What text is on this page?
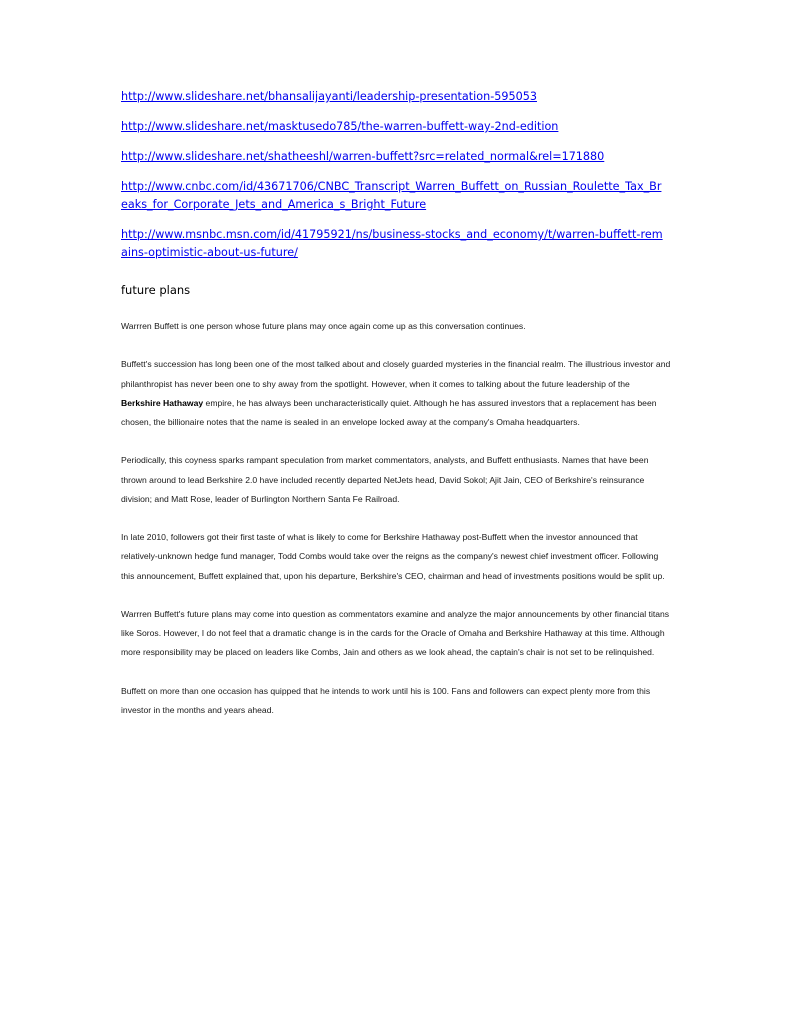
http://www.slideshare.net/bhansalijayanti/leadership-presentation-595053
http://www.slideshare.net/masktusedo785/the-warren-buffett-way-2nd-edition
http://www.slideshare.net/shatheeshl/warren-buffett?src=related_normal&rel=171880
http://www.cnbc.com/id/43671706/CNBC_Transcript_Warren_Buffett_on_Russian_Roulette_Tax_Breaks_for_Corporate_Jets_and_America_s_Bright_Future
http://www.msnbc.msn.com/id/41795921/ns/business-stocks_and_economy/t/warren-buffett-remains-optimistic-about-us-future/

future plans

Warrren Buffett is one person whose future plans may once again come up as this conversation continues.

Buffett's succession has long been one of the most talked about and closely guarded mysteries in the financial realm. The illustrious investor and philanthropist has never been one to shy away from the spotlight. However, when it comes to talking about the future leadership of the Berkshire Hathaway empire, he has always been uncharacteristically quiet. Although he has assured investors that a replacement has been chosen, the billionaire notes that the name is sealed in an envelope locked away at the company's Omaha headquarters.

Periodically, this coyness sparks rampant speculation from market commentators, analysts, and Buffett enthusiasts. Names that have been thrown around to lead Berkshire 2.0 have included recently departed NetJets head, David Sokol; Ajit Jain, CEO of Berkshire's reinsurance division; and Matt Rose, leader of Burlington Northern Santa Fe Railroad.

In late 2010, followers got their first taste of what is likely to come for Berkshire Hathaway post-Buffett when the investor announced that relatively-unknown hedge fund manager, Todd Combs would take over the reigns as the company's newest chief investment officer. Following this announcement, Buffett explained that, upon his departure, Berkshire's CEO, chairman and head of investments positions would be split up.

Warrren Buffett's future plans may come into question as commentators examine and analyze the major announcements by other financial titans like Soros. However, I do not feel that a dramatic change is in the cards for the Oracle of Omaha and Berkshire Hathaway at this time. Although more responsibility may be placed on leaders like Combs, Jain and others as we look ahead, the captain's chair is not set to be relinquished.

Buffett on more than one occasion has quipped that he intends to work until his is 100. Fans and followers can expect plenty more from this investor in the months and years ahead.
